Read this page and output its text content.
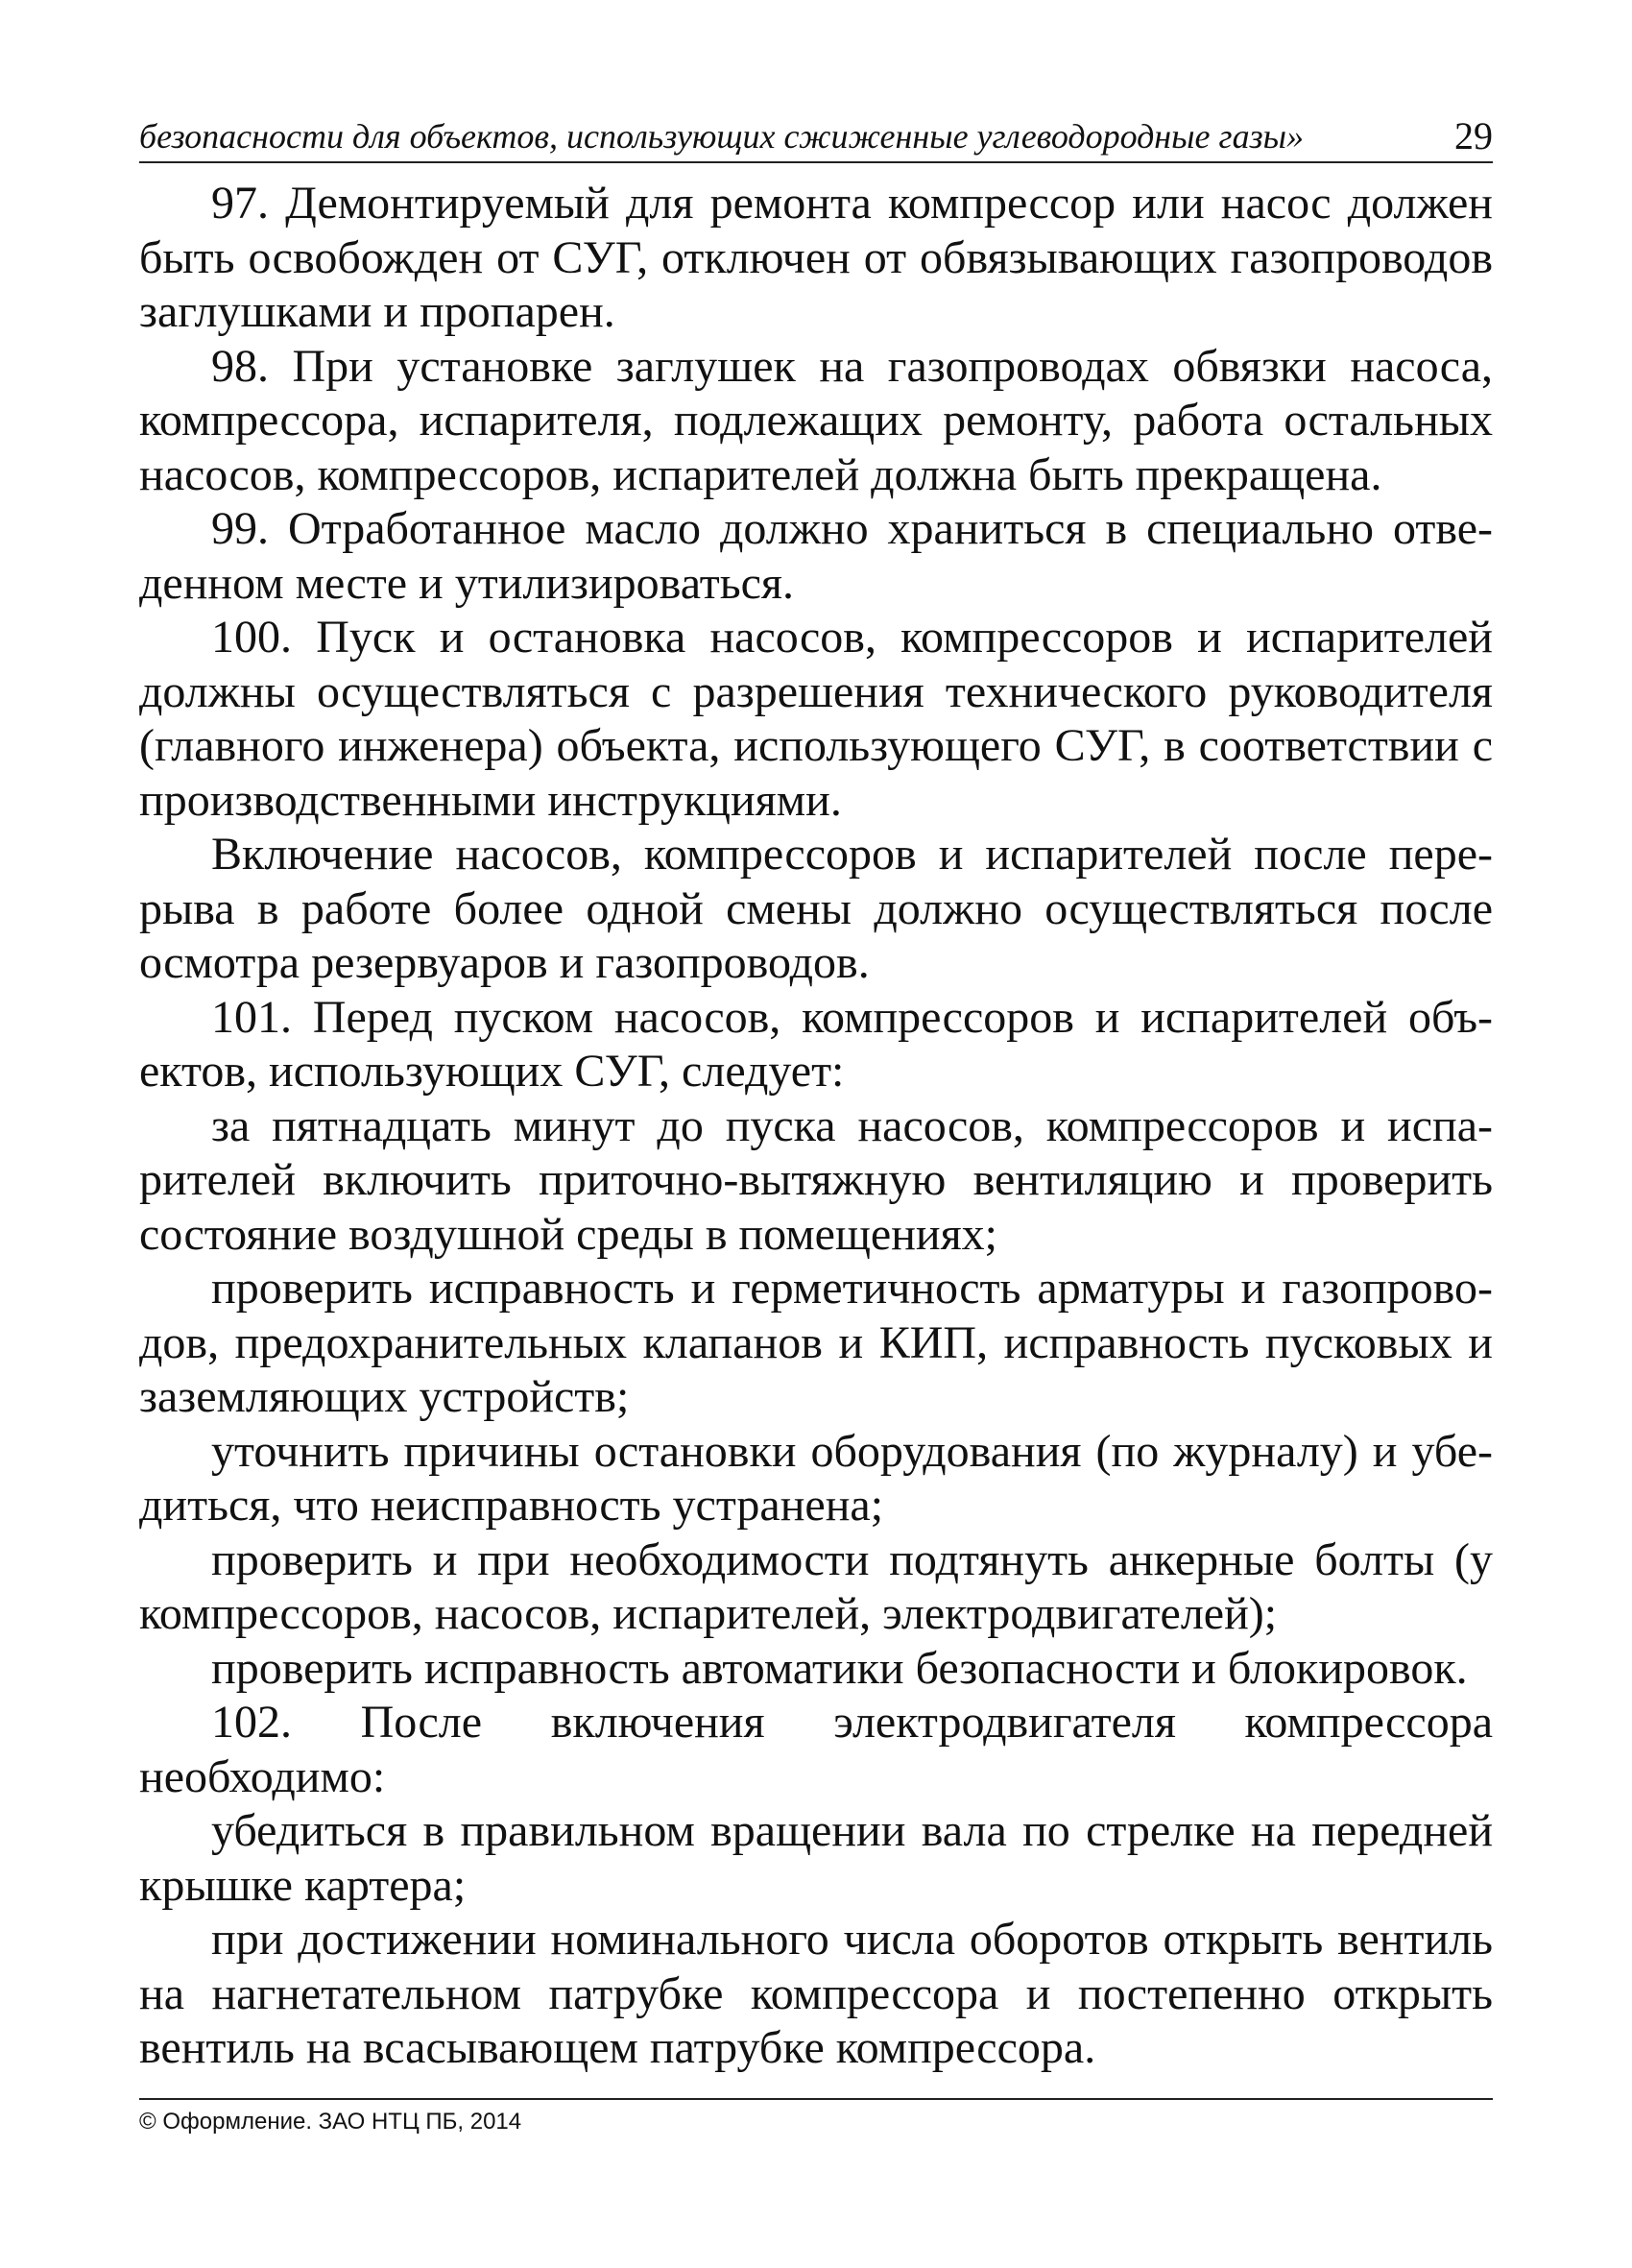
безопасности для объектов, использующих сжиженные углеводородные газы»	29

97. Демонтируемый для ремонта компрессор или насос должен быть освобожден от СУГ, отключен от обвязывающих газопроводов заглушками и пропарен.

98. При установке заглушек на газопроводах обвязки насоса, компрессора, испарителя, подлежащих ремонту, работа остальных насосов, компрессоров, испарителей должна быть прекращена.

99. Отработанное масло должно храниться в специально отведенном месте и утилизироваться.

100. Пуск и остановка насосов, компрессоров и испарителей должны осуществляться с разрешения технического руководителя (главного инженера) объекта, использующего СУГ, в соответствии с производственными инструкциями.

Включение насосов, компрессоров и испарителей после перерыва в работе более одной смены должно осуществляться после осмотра резервуаров и газопроводов.

101. Перед пуском насосов, компрессоров и испарителей объектов, использующих СУГ, следует:

за пятнадцать минут до пуска насосов, компрессоров и испарителей включить приточно-вытяжную вентиляцию и проверить состояние воздушной среды в помещениях;

проверить исправность и герметичность арматуры и газопроводов, предохранительных клапанов и КИП, исправность пусковых и заземляющих устройств;

уточнить причины остановки оборудования (по журналу) и убедиться, что неисправность устранена;

проверить и при необходимости подтянуть анкерные болты (у компрессоров, насосов, испарителей, электродвигателей);

проверить исправность автоматики безопасности и блокировок.

102. После включения электродвигателя компрессора необходимо:

убедиться в правильном вращении вала по стрелке на передней крышке картера;

при достижении номинального числа оборотов открыть вентиль на нагнетательном патрубке компрессора и постепенно открыть вентиль на всасывающем патрубке компрессора.

© Оформление. ЗАО НТЦ ПБ, 2014
